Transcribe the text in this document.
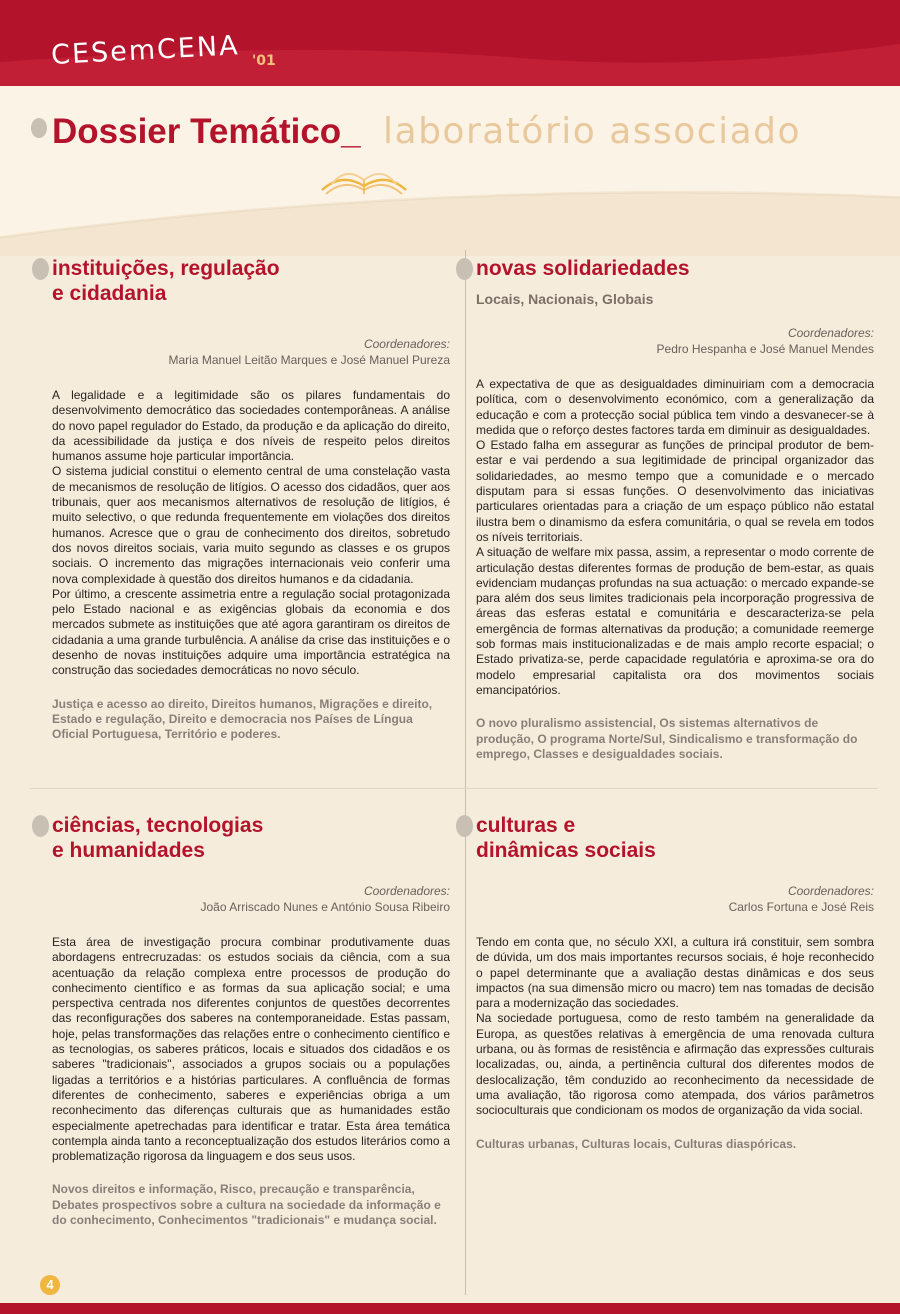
CESemCENA '01
Dossier Temático_ laboratório associado
instituições, regulação
e cidadania
Coordenadores:
Maria Manuel Leitão Marques e José Manuel Pureza

A legalidade e a legitimidade são os pilares fundamentais do desenvolvimento democrático das sociedades contemporâneas. A análise do novo papel regulador do Estado, da produção e da aplicação do direito, da acessibilidade da justiça e dos níveis de respeito pelos direitos humanos assume hoje particular importância.

O sistema judicial constitui o elemento central de uma constelação vasta de mecanismos de resolução de litígios. O acesso dos cidadãos, quer aos tribunais, quer aos mecanismos alternativos de resolução de litígios, é muito selectivo, o que redunda frequentemente em violações dos direitos humanos. Acresce que o grau de conhecimento dos direitos, sobretudo dos novos direitos sociais, varia muito segundo as classes e os grupos sociais. O incremento das migrações internacionais veio conferir uma nova complexidade à questão dos direitos humanos e da cidadania.

Por último, a crescente assimetria entre a regulação social protagonizada pelo Estado nacional e as exigências globais da economia e dos mercados submete as instituições que até agora garantiram os direitos de cidadania a uma grande turbulência. A análise da crise das instituições e o desenho de novas instituições adquire uma importância estratégica na construção das sociedades democráticas no novo século.

Justiça e acesso ao direito, Direitos humanos, Migrações e direito, Estado e regulação, Direito e democracia nos Países de Língua Oficial Portuguesa, Território e poderes.
novas solidariedades
Locais, Nacionais, Globais
Coordenadores:
Pedro Hespanha e José Manuel Mendes

A expectativa de que as desigualdades diminuiriam com a democracia política, com o desenvolvimento económico, com a generalização da educação e com a protecção social pública tem vindo a desvanecer-se à medida que o reforço destes factores tarda em diminuir as desigualdades.

O Estado falha em assegurar as funções de principal produtor de bem-estar e vai perdendo a sua legitimidade de principal organizador das solidariedades, ao mesmo tempo que a comunidade e o mercado disputam para si essas funções. O desenvolvimento das iniciativas particulares orientadas para a criação de um espaço público não estatal ilustra bem o dinamismo da esfera comunitária, o qual se revela em todos os níveis territoriais.

A situação de welfare mix passa, assim, a representar o modo corrente de articulação destas diferentes formas de produção de bem-estar, as quais evidenciam mudanças profundas na sua actuação: o mercado expande-se para além dos seus limites tradicionais pela incorporação progressiva de áreas das esferas estatal e comunitária e descaracteriza-se pela emergência de formas alternativas da produção; a comunidade reemerge sob formas mais institucionalizadas e de mais amplo recorte espacial; o Estado privatiza-se, perde capacidade regulatória e aproxima-se ora do modelo empresarial capitalista ora dos movimentos sociais emancipatórios.

O novo pluralismo assistencial, Os sistemas alternativos de produção, O programa Norte/Sul, Sindicalismo e transformação do emprego, Classes e desigualdades sociais.
ciências, tecnologias
e humanidades
Coordenadores:
João Arriscado Nunes e António Sousa Ribeiro

Esta área de investigação procura combinar produtivamente duas abordagens entrecruzadas: os estudos sociais da ciência, com a sua acentuação da relação complexa entre processos de produção do conhecimento científico e as formas da sua aplicação social; e uma perspectiva centrada nos diferentes conjuntos de questões decorrentes das reconfigurações dos saberes na contemporaneidade. Estas passam, hoje, pelas transformações das relações entre o conhecimento científico e as tecnologias, os saberes práticos, locais e situados dos cidadãos e os saberes "tradicionais", associados a grupos sociais ou a populações ligadas a territórios e a histórias particulares. A confluência de formas diferentes de conhecimento, saberes e experiências obriga a um reconhecimento das diferenças culturais que as humanidades estão especialmente apetrechadas para identificar e tratar. Esta área temática contempla ainda tanto a reconceptualização dos estudos literários como a problematização rigorosa da linguagem e dos seus usos.

Novos direitos e informação, Risco, precaução e transparência, Debates prospectivos sobre a cultura na sociedade da informação e do conhecimento, Conhecimentos "tradicionais" e mudança social.
culturas e
dinâmicas sociais
Coordenadores:
Carlos Fortuna e José Reis

Tendo em conta que, no século XXI, a cultura irá constituir, sem sombra de dúvida, um dos mais importantes recursos sociais, é hoje reconhecido o papel determinante que a avaliação destas dinâmicas e dos seus impactos (na sua dimensão micro ou macro) tem nas tomadas de decisão para a modernização das sociedades.

Na sociedade portuguesa, como de resto também na generalidade da Europa, as questões relativas à emergência de uma renovada cultura urbana, ou às formas de resistência e afirmação das expressões culturais localizadas, ou, ainda, a pertinência cultural dos diferentes modos de deslocalização, têm conduzido ao reconhecimento da necessidade de uma avaliação, tão rigorosa como atempada, dos vários parâmetros socioculturais que condicionam os modos de organização da vida social.

Culturas urbanas, Culturas locais, Culturas diaspóricas.
4
